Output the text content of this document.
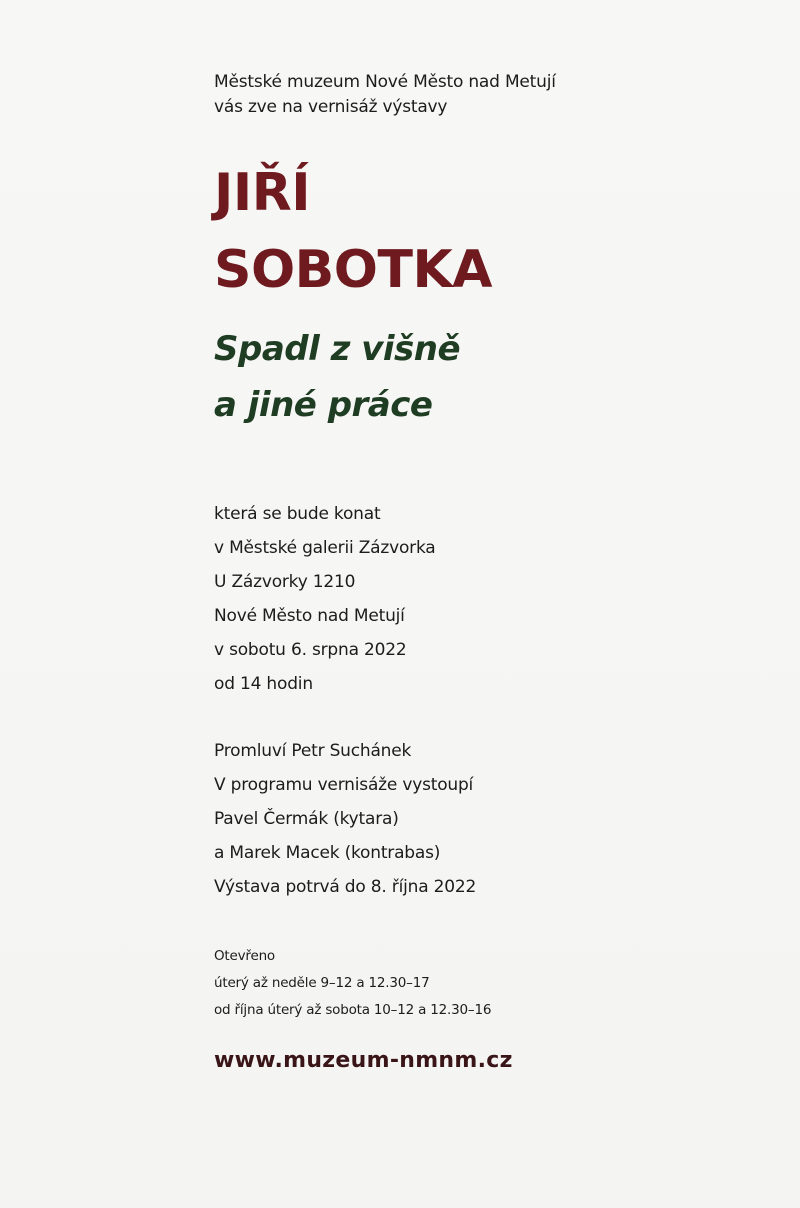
Městské muzeum Nové Město nad Metují
vás zve na vernisáž výstavy
JIŘÍ
SOBOTKA
Spadl z višně
a jiné práce
která se bude konat
v Městské galerii Zázvorka
U Zázvorky 1210
Nové Město nad Metují
v sobotu 6. srpna 2022
od 14 hodin
Promluví Petr Suchánek
V programu vernisáže vystoupí
Pavel Čermák (kytara)
a Marek Macek (kontrabas)
Výstava potrvá do 8. října 2022
Otevřeno
úterý až neděle 9–12 a 12.30–17
od října úterý až sobota 10–12 a 12.30–16
www.muzeum-nmnm.cz
